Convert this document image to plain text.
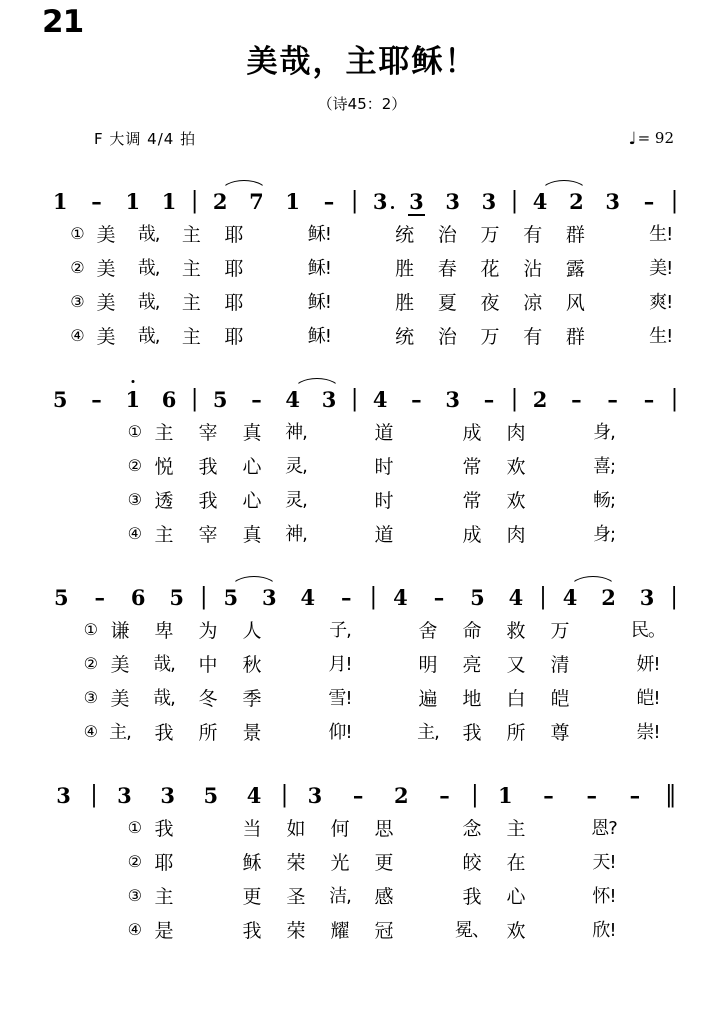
21
美哉，主耶稣！
（诗45：2）
F 大调 4/4 拍	♩= 92
1	–	1	1 | 2	7	1	– | 3	3	3	3 | 4	2	3	– |
① 美	哉,	主	耶	稣!	统	治	万	有	群	生!
② 美	哉,	主	耶	稣!	胜	春	花	沾	露	美!
③ 美	哉,	主	耶	稣!	胜	夏	夜	凉	风	爽!
④ 美	哉,	主	耶	稣!	统	治	万	有	群	生!
5	–	1	6 | 5	–	4	3 | 4	–	3	– | 2	–	–	– |
① 主	宰	真	神,	道	成	肉	身,
② 悦	我	心	灵,	时	常	欢	喜;
③ 透	我	心	灵,	时	常	欢	畅;
④ 主	宰	真	神,	道	成	肉	身;
5	–	6	5 | 5	3	4	– | 4	–	5	4 | 4	2	3 |
① 谦	卑	为	人	子,	舍	命	救	万	民。
② 美	哉,	中	秋	月!	明	亮	又	清	妍!
③ 美	哉,	冬	季	雪!	遍	地	白	皑	皑!
④ 主,	我	所	景	仰!	主,	我	所	尊	崇!
3 | 3	3	5	4 | 3	–	2	– | 1	–	–	–	‖
① 我	当	如	何	思	念	主	恩?
② 耶	稣	荣	光	更	皎	在	天!
③ 主	更	圣	洁,	感	我	心	怀!
④ 是	我	荣	耀	冠	冕、 欢	欣!
